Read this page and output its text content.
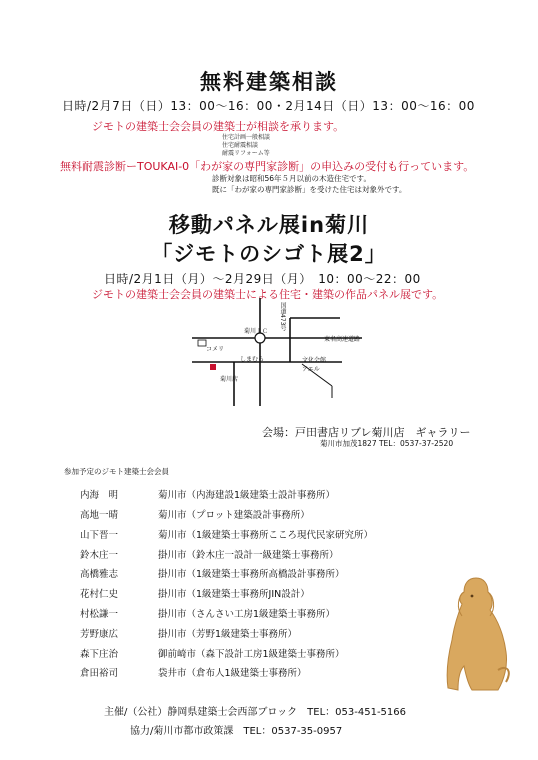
無料建築相談
日時/2月7日（日）13：00～16：00・2月14日（日）13：00～16：00
ジモトの建築士会会員の建築士が相談を承ります。
住宅計画一般相談
住宅耐震相談
耐震リフォーム等
無料耐震診断ーTOUKAI-0「わが家の専門家診断」の申込みの受付も行っています。
診断対象は昭和56年５月以前の木造住宅です。
既に「わが家の専門家診断」を受けた住宅は対象外です。
移動パネル展in菊川
「ジモトのシゴト展2」
日時/2月1日（月）～2月29日（月）　10：00～22：00
ジモトの建築士会会員の建築士による住宅・建築の作品パネル展です。
国道473号
菊川ＩＣ
東名高速道路
コメリ
しまむら	文化会館
アエル
菊川店
会場：戸田書店リブレ菊川店　ギャラリー
菊川市加茂1827 TEL：0537-37-2520
参加予定のジモト建築士会会員
内海　明	菊川市（内海建設1級建築士設計事務所）
高地一晴	菊川市（プロット建築設計事務所）
山下晋一	菊川市（1級建築士事務所こころ現代民家研究所）
鈴木庄一	掛川市（鈴木庄一設計一級建築士事務所）
高橋雅志	掛川市（1級建築士事務所高橋設計事務所）
花村仁史	掛川市（1級建築士事務所JIN設計）
村松謙一	掛川市（さんさい工房1級建築士事務所）
芳野康広	掛川市（芳野1級建築士事務所）
森下庄治	御前崎市（森下設計工房1級建築士事務所）
倉田裕司	袋井市（倉布人1級建築士事務所）
主催/（公社）静岡県建築士会西部ブロック　TEL：053-451-5166
協力/菊川市都市政策課　TEL：0537-35-0957
